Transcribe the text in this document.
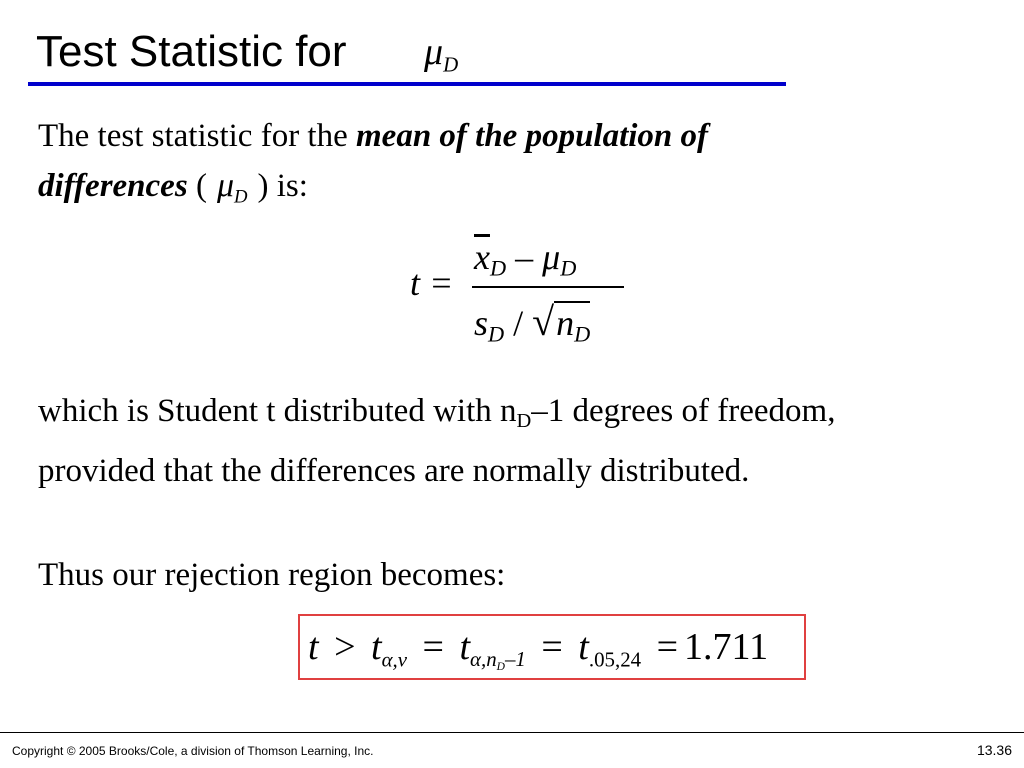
Test Statistic for $\mu_D$
The test statistic for the mean of the population of
differences ( $\mu_D$ ) is:
t =
$\overline{x}_D - \mu_D$
$s_D / √n_D$
which is Student t distributed with $n_D-1$ degrees of freedom,
provided that the differences are normally distributed.
Thus our rejection region becomes:
$t > t_{\alpha,\nu} = t_{\alpha,n_D-1} = t_{.05,24} = 1.711$
Copyright © 2005 Brooks/Cole, a division of Thomson Learning, Inc.	13.36
